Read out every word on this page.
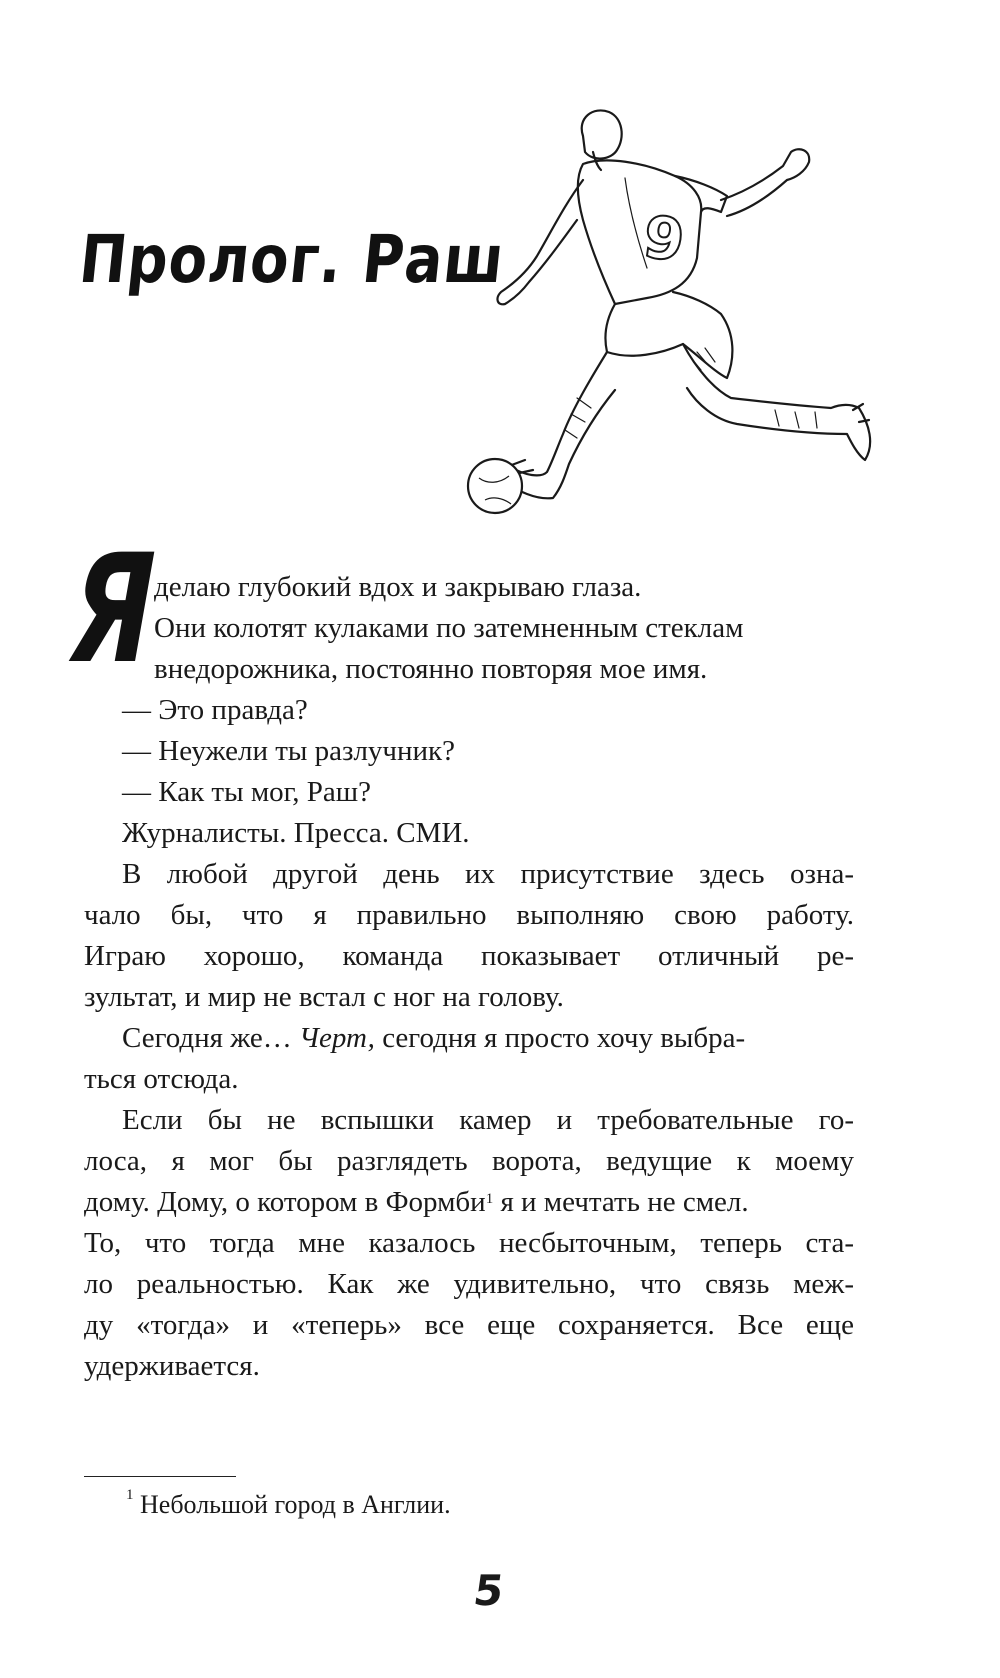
Пролог. Раш 9
Я
делаю глубокий вдох и закрываю глаза.
Они колотят кулаками по затемненным стеклам
внедорожника, постоянно повторяя мое имя.
— Это правда?
— Неужели ты разлучник?
— Как ты мог, Раш?
Журналисты. Пресса. СМИ.
В любой другой день их присутствие здесь озна-
чало бы, что я правильно выполняю свою работу.
Играю хорошо, команда показывает отличный ре-
зультат, и мир не встал с ног на голову.
Сегодня же… Черт, сегодня я просто хочу выбра-
ться отсюда.
Если бы не вспышки камер и требовательные го-
лоса, я мог бы разглядеть ворота, ведущие к моему
дому. Дому, о котором в Формби$^1$ я и мечтать не смел.
То, что тогда мне казалось несбыточным, теперь ста-
ло реальностью. Как же удивительно, что связь меж-
ду «тогда» и «теперь» все еще сохраняется. Все еще
удерживается.
$^1$ Небольшой город в Англии.
5
